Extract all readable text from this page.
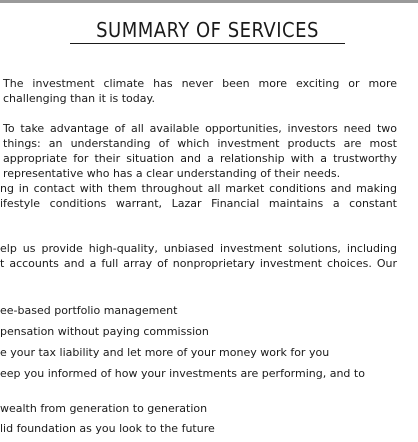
SUMMARY OF SERVICES
The investment climate has never been more exciting or more
challenging than it is today.
To take advantage of all available opportunities, investors need two
things: an understanding of which investment products are most
appropriate for their situation and a relationship with a trustworthy
representative who has a clear understanding of their needs.
ng in contact with them throughout all market conditions and making
ifestyle conditions warrant, Lazar Financial maintains a constant
elp us provide high-quality, unbiased investment solutions, including
t accounts and a full array of nonproprietary investment choices. Our
ee-based portfolio management
pensation without paying commission
e your tax liability and let more of your money work for you
eep you informed of how your investments are performing, and to
wealth from generation to generation
lid foundation as you look to the future
